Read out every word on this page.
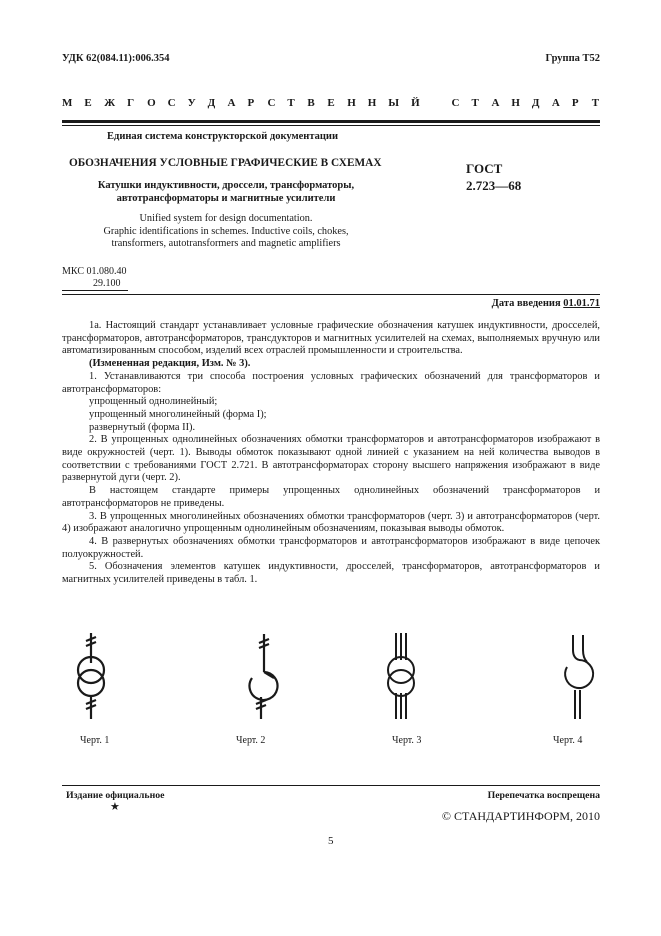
УДК 62(084.11):006.354	Группа Т52
М Е Ж Г О С У Д А Р С Т В Е Н Н Ы Й	С Т А Н Д А Р Т
Единая система конструкторской документации
ОБОЗНАЧЕНИЯ УСЛОВНЫЕ ГРАФИЧЕСКИЕ В СХЕМАХ
Катушки индуктивности, дроссели, трансформаторы,
автотрансформаторы и магнитные усилители
ГОСТ
2.723—68
Unified system for design documentation.
Graphic identifications in schemes. Inductive coils, chokes,
transformers, autotransformers and magnetic amplifiers
МКС 01.080.40
29.100
Дата введения 01.01.71

1а. Настоящий стандарт устанавливает условные графические обозначения катушек индуктивности, дросселей, трансформаторов, автотрансформаторов, трансдукторов и магнитных усилителей на схемах, выполняемых вручную или автоматизированным способом, изделий всех отраслей промышленности и строительства.

(Измененная редакция, Изм. № 3).

1. Устанавливаются три способа построения условных графических обозначений для трансформаторов и автотрансформаторов:

упрощенный однолинейный;

упрощенный многолинейный (форма I);

развернутый (форма II).

2. В упрощенных однолинейных обозначениях обмотки трансформаторов и автотрансформаторов изображают в виде окружностей (черт. 1). Выводы обмоток показывают одной линией с указанием на ней количества выводов в соответствии с требованиями ГОСТ 2.721. В автотрансформаторах сторону высшего напряжения изображают в виде развернутой дуги (черт. 2).

В настоящем стандарте примеры упрощенных однолинейных обозначений трансформаторов и автотрансформаторов не приведены.

3. В упрощенных многолинейных обозначениях обмотки трансформаторов (черт. 3) и автотрансформаторов (черт. 4) изображают аналогично упрощенным однолинейным обозначениям, показывая выводы обмоток.

4. В развернутых обозначениях обмотки трансформаторов и автотрансформаторов изображают в виде цепочек полуокружностей.

5. Обозначения элементов катушек индуктивности, дросселей, трансформаторов, автотрансформаторов и магнитных усилителей приведены в табл. 1.

Черт. 1	Черт. 2	Черт. 3	Черт. 4
Издание официальное
★
Перепечатка воспрещена
© СТАНДАРТИНФОРМ, 2010
5
